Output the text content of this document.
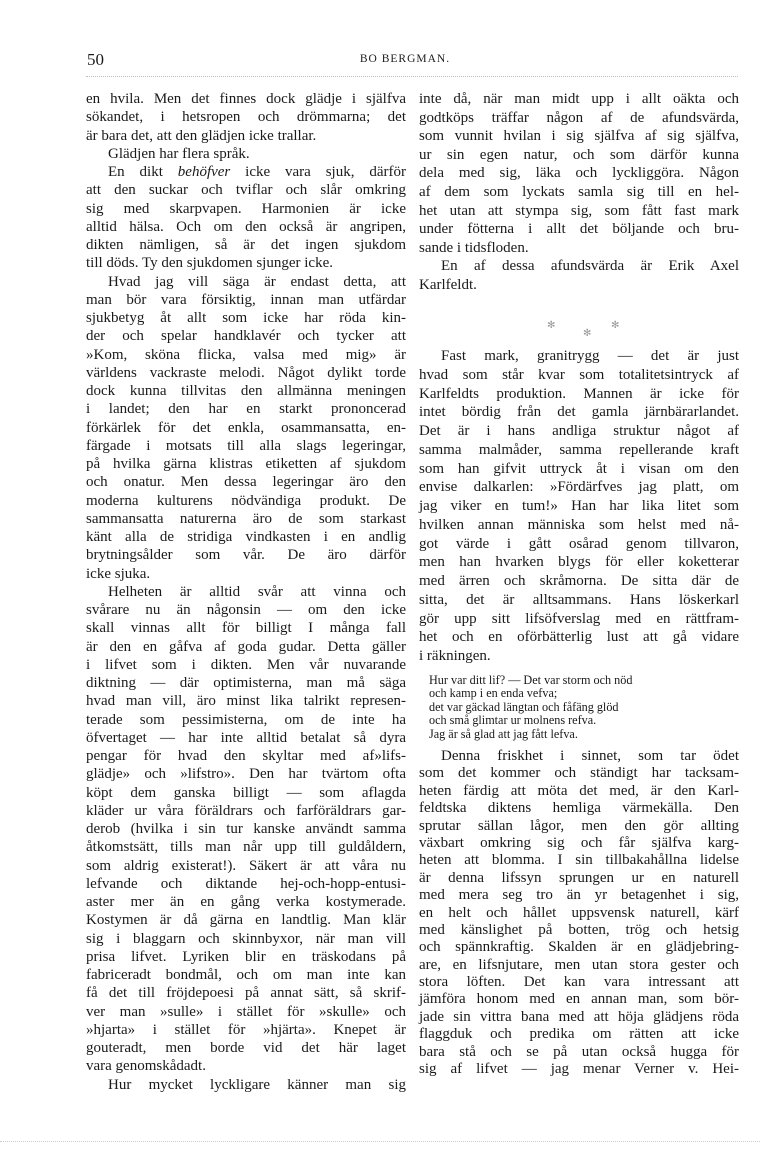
50	BO BERGMAN.
en hvila. Men det finnes dock glädje i själfva
sökandet, i hetsropen och drömmarna; det
är bara det, att den glädjen icke trallar.
Glädjen har flera språk.
En dikt behöfver icke vara sjuk, därför
att den suckar och tviflar och slår omkring
sig med skarpvapen. Harmonien är icke
alltid hälsa. Och om den också är angripen,
dikten nämligen, så är det ingen sjukdom
till döds. Ty den sjukdomen sjunger icke.
Hvad jag vill säga är endast detta, att
man bör vara försiktig, innan man utfärdar
sjukbetyg åt allt som icke har röda kin-
der och spelar handklavér och tycker att
»Kom, sköna flicka, valsa med mig» är
världens vackraste melodi. Något dylikt torde
dock kunna tillvitas den allmänna meningen
i landet; den har en starkt prononcerad
förkärlek för det enkla, osammansatta, en-
färgade i motsats till alla slags legeringar,
på hvilka gärna klistras etiketten af sjukdom
och onatur. Men dessa legeringar äro den
moderna kulturens nödvändiga produkt. De
sammansatta naturerna äro de som starkast
känt alla de stridiga vindkasten i en andlig
brytningsålder som vår. De äro därför
icke sjuka.
Helheten är alltid svår att vinna och
svårare nu än någonsin — om den icke
skall vinnas allt för billigt I många fall
är den en gåfva af goda gudar. Detta gäller
i lifvet som i dikten. Men vår nuvarande
diktning — där optimisterna, man må säga
hvad man vill, äro minst lika talrikt represen-
terade som pessimisterna, om de inte ha
öfvertaget — har inte alltid betalat så dyra
pengar för hvad den skyltar med af»lifs-
glädje» och »lifstro». Den har tvärtom ofta
köpt dem ganska billigt — som aflagda
kläder ur våra föräldrars och farföräldrars gar-
derob (hvilka i sin tur kanske användt samma
åtkomstsätt, tills man når upp till guldåldern,
som aldrig existerat!). Säkert är att våra nu
lefvande och diktande hej-och-hopp-entusi-
aster mer än en gång verka kostymerade.
Kostymen är då gärna en landtlig. Man klär
sig i blaggarn och skinnbyxor, när man vill
prisa lifvet. Lyriken blir en träskodans på
fabriceradt bondmål, och om man inte kan
få det till fröjdepoesi på annat sätt, så skrif-
ver man »sulle» i stället för »skulle» och
»hjarta» i stället för »hjärta». Knepet är
gouteradt, men borde vid det här laget
vara genomskådadt.
Hur mycket lyckligare känner man sig
inte då, när man midt upp i allt oäkta och
godtköps träffar någon af de afundsvärda,
som vunnit hvilan i sig själfva af sig själfva,
ur sin egen natur, och som därför kunna
dela med sig, läka och lyckliggöra. Någon
af dem som lyckats samla sig till en hel-
het utan att stympa sig, som fått fast mark
under fötterna i allt det böljande och bru-
sande i tidsfloden.
En af dessa afundsvärda är Erik Axel
Karlfeldt.
✻
✻
✻
Fast mark, granitrygg — det är just
hvad som står kvar som totalitetsintryck af
Karlfeldts produktion. Mannen är icke för
intet bördig från det gamla järnbärarlandet.
Det är i hans andliga struktur något af
samma malmåder, samma repellerande kraft
som han gifvit uttryck åt i visan om den
envise dalkarlen: »Fördärfves jag platt, om
jag viker en tum!» Han har lika litet som
hvilken annan människa som helst med nå-
got värde i gått osårad genom tillvaron,
men han hvarken blygs för eller koketterar
med ärren och skråmorna. De sitta där de
sitta, det är alltsammans. Hans löskerkarl
gör upp sitt lifsöfverslag med en rättfram-
het och en oförbätterlig lust att gå vidare
i räkningen.
Hur var ditt lif? — Det var storm och nöd
och kamp i en enda vefva;
det var gäckad längtan och fåfäng glöd
och små glimtar ur molnens refva.
Jag är så glad att jag fått lefva.
Denna friskhet i sinnet, som tar ödet
som det kommer och ständigt har tacksam-
heten färdig att möta det med, är den Karl-
feldtska diktens hemliga värmekälla. Den
sprutar sällan lågor, men den gör allting
växbart omkring sig och får själfva karg-
heten att blomma. I sin tillbakahållna lidelse
är denna lifssyn sprungen ur en naturell
med mera seg tro än yr betagenhet i sig,
en helt och hållet uppsvensk naturell, kärf
med känslighet på botten, trög och hetsig
och spännkraftig. Skalden är en glädjebring-
are, en lifsnjutare, men utan stora gester och
stora löften. Det kan vara intressant att
jämföra honom med en annan man, som bör-
jade sin vittra bana med att höja glädjens röda
flaggduk och predika om rätten att icke
bara stå och se på utan också hugga för
sig af lifvet — jag menar Verner v. Hei-
